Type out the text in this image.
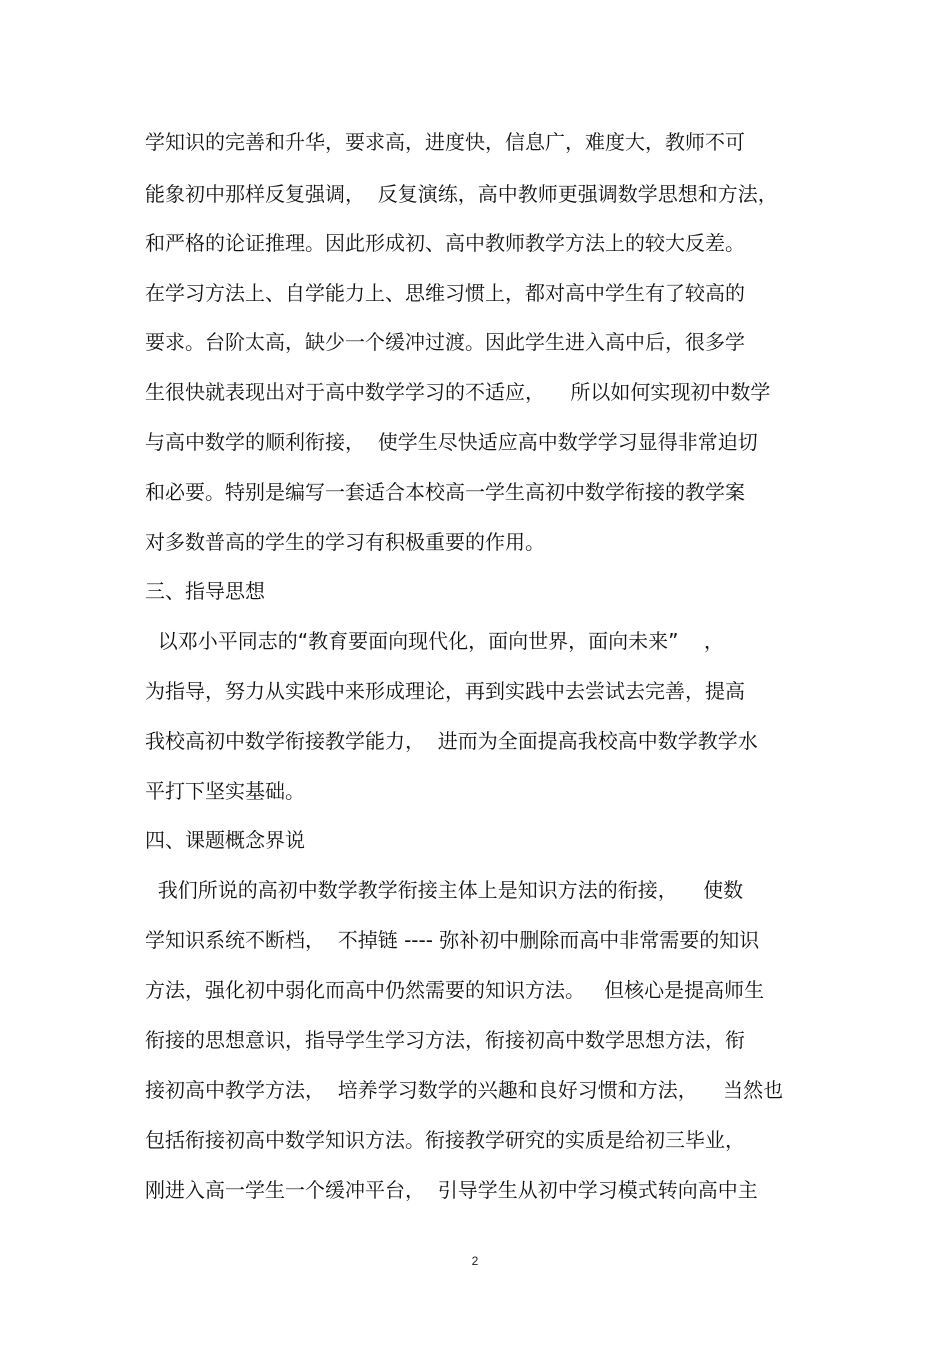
学知识的完善和升华，要求高，进度快，信息广，难度大，教师不可
能象初中那样反复强调，  反复演练，高中教师更强调数学思想和方法，
和严格的论证推理。因此形成初、高中教师教学方法上的较大反差。
在学习方法上、自学能力上、思维习惯上，都对高中学生有了较高的
要求。台阶太高，缺少一个缓冲过渡。因此学生进入高中后，很多学
生很快就表现出对于高中数学学习的不适应，    所以如何实现初中数学
与高中数学的顺利衔接，  使学生尽快适应高中数学学习显得非常迫切
和必要。特别是编写一套适合本校高一学生高初中数学衔接的教学案
对多数普高的学生的学习有积极重要的作用。
三、指导思想
以邓小平同志的“教育要面向现代化，面向世界，面向未来”    ，
为指导，努力从实践中来形成理论，再到实践中去尝试去完善，提高
我校高初中数学衔接教学能力，  进而为全面提高我校高中数学教学水
平打下坚实基础。
四、课题概念界说
我们所说的高初中数学教学衔接主体上是知识方法的衔接，    使数
学知识系统不断档，  不掉链 ---- 弥补初中删除而高中非常需要的知识
方法，强化初中弱化而高中仍然需要的知识方法。   但核心是提高师生
衔接的思想意识，指导学生学习方法，衔接初高中数学思想方法，衔
接初高中教学方法，  培养学习数学的兴趣和良好习惯和方法，    当然也
包括衔接初高中数学知识方法。衔接教学研究的实质是给初三毕业，
刚进入高一学生一个缓冲平台，  引导学生从初中学习模式转向高中主
2
